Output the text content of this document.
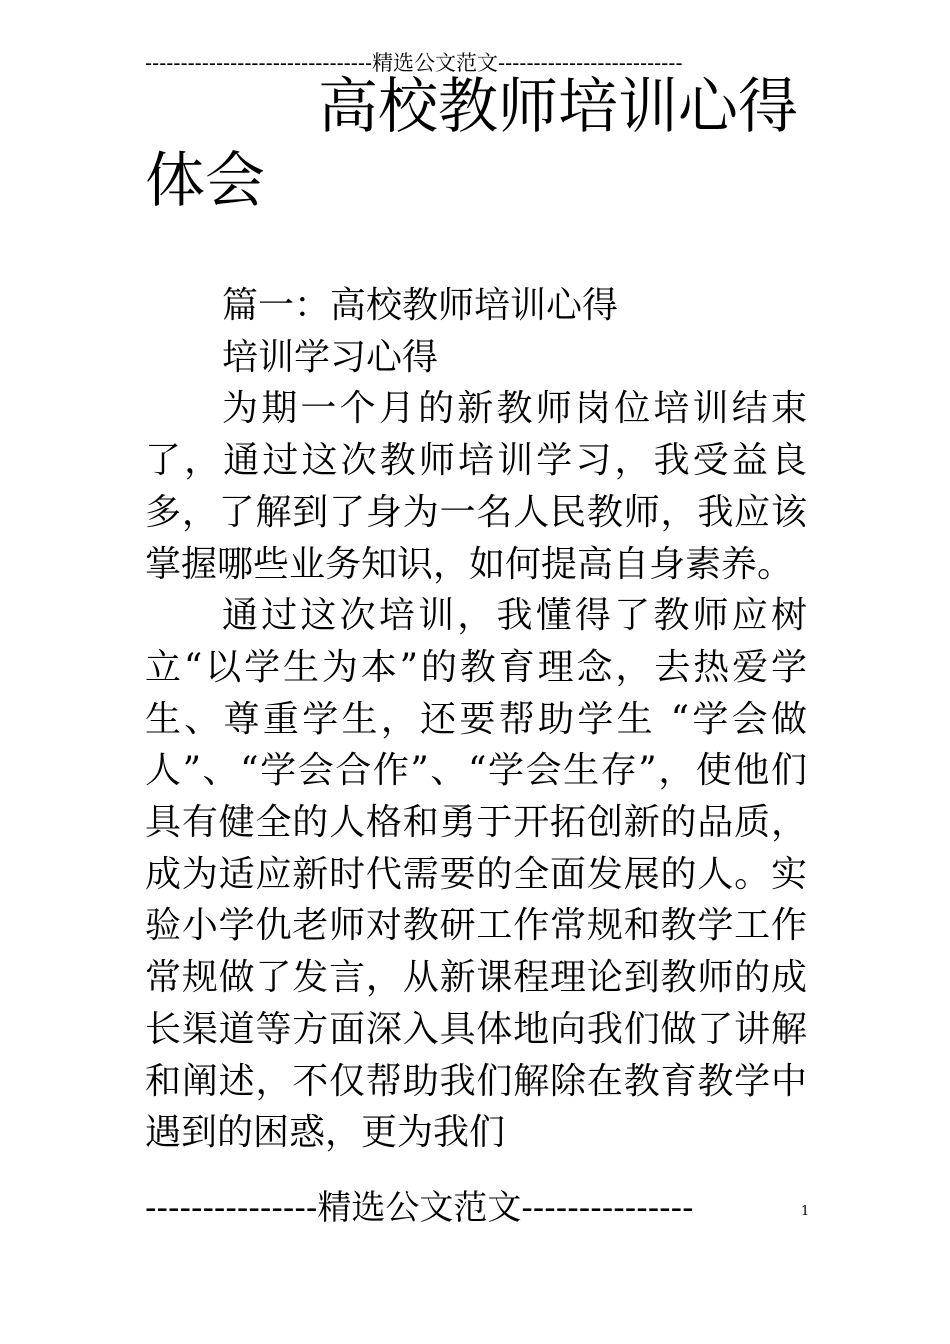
--------------------------------精选公文范文--------------------------
高校教师培训心得
体会

篇一：高校教师培训心得

培训学习心得

为期一个月的新教师岗位培训结束了，通过这次教师培训学习，我受益良多，了解到了身为一名人民教师，我应该掌握哪些业务知识，如何提高自身素养。

通过这次培训，我懂得了教师应树立“以学生为本”的教育理念，去热爱学生、尊重学生，还要帮助学生 “学会做人”、“学会合作”、“学会生存”，使他们具有健全的人格和勇于开拓创新的品质，成为适应新时代需要的全面发展的人。实验小学仇老师对教研工作常规和教学工作常规做了发言，从新课程理论到教师的成长渠道等方面深入具体地向我们做了讲解和阐述，不仅帮助我们解除在教育教学中遇到的困惑，更为我们

---------------精选公文范文---------------	1
